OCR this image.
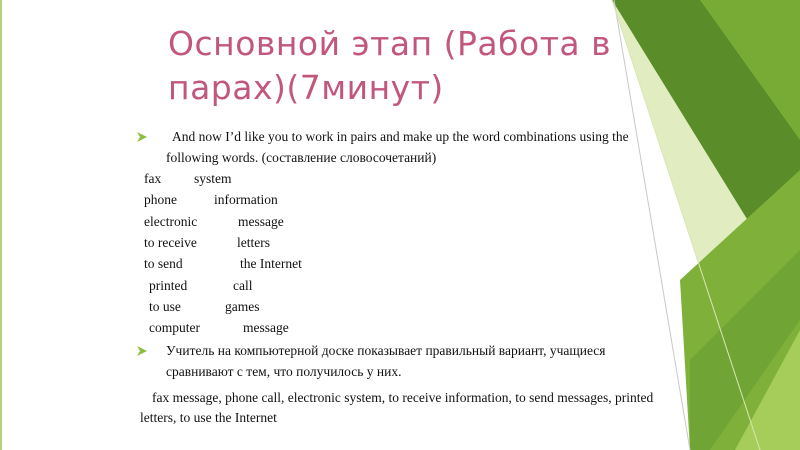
Основной этап (Работа в парах)(7минут)
And now I’d like you to work in pairs and make up the word combinations using the following words. (составление словосочетаний)
fax	system
phone	information
electronic	message
to receive	letters
to send	the Internet
printed	call
to use	games
computer	message
Учитель на компьютерной доске показывает правильный вариант, учащиеся сравнивают с тем, что получилось у них.
fax message, phone call, electronic system, to receive information, to send messages, printed letters, to use the Internet
